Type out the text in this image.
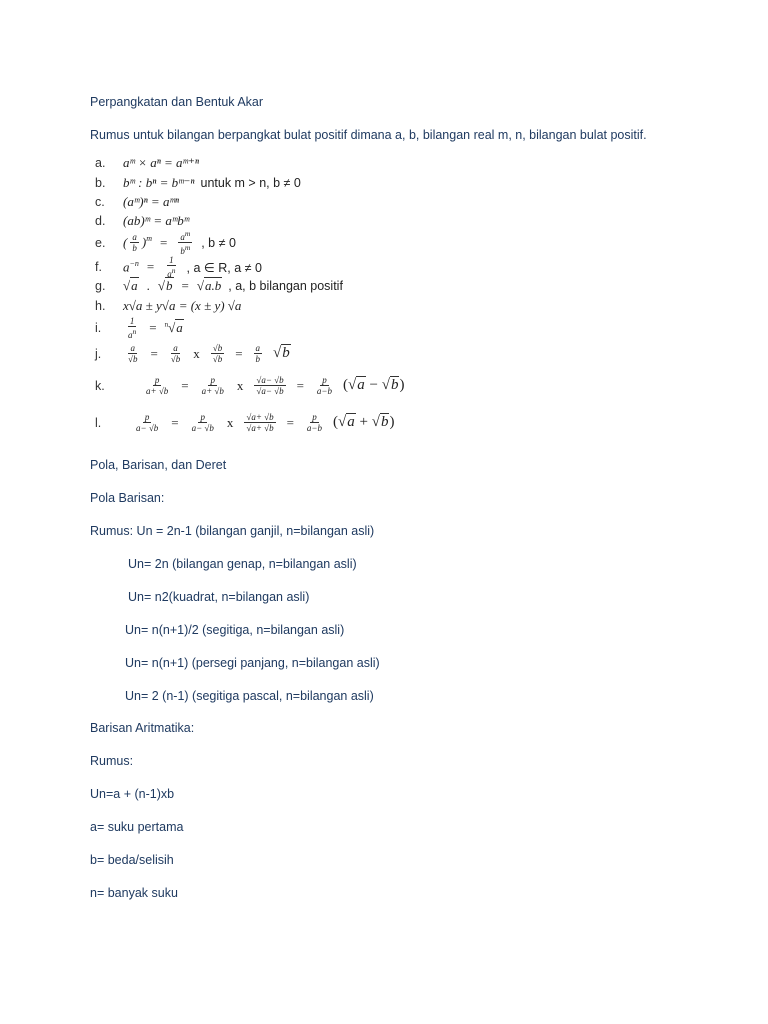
Perpangkatan dan Bentuk Akar
Rumus untuk bilangan berpangkat bulat positif dimana a, b, bilangan real m, n, bilangan bulat positif.
a.	aᵐ × aⁿ = aᵐ⁺ⁿ
b.	bᵐ : bⁿ = bᵐ⁻ⁿ untuk m > n, b ≠ 0
c.	(aᵐ)ⁿ = aᵐⁿ
d.	(ab)ᵐ = aᵐbᵐ
e.	( $\frac{a}{b} )^m = \frac{a^m}{b^m}$ , b ≠ 0
f.	$a^{-n} = \frac{1}{a^n}$ , a ∈ R, a ≠ 0
g.	√a . √b = √a.b , a, b bilangan positif
h.	x√a ± y√a = (x ± y) √a
i.	$\frac{1}{a^n} = ^n√a$
j.	$\frac{a}{√b} = \frac{a}{√b}$ x $\frac{√b}{√b} = \frac{a}{b} √b$
k.	$\frac{p}{a+ √b} = \frac{p}{a+ √b}$ x $\frac{√a- √b}{√a- √b} = \frac{p}{a-b} (√a - √b)$
l.	$\frac{p}{a- √b} = \frac{p}{a- √b}$ x $\frac{√a+ √b}{√a+ √b} = \frac{p}{a-b} (√a + √b)$
Pola, Barisan, dan Deret
Pola Barisan:
Rumus: Un = 2n-1 (bilangan ganjil, n=bilangan asli)
Un= 2n (bilangan genap, n=bilangan asli)
Un= n2(kuadrat, n=bilangan asli)
Un= n(n+1)/2 (segitiga, n=bilangan asli)
Un= n(n+1) (persegi panjang, n=bilangan asli)
Un= 2 (n-1) (segitiga pascal, n=bilangan asli)
Barisan Aritmatika:
Rumus:
Un=a + (n-1)xb
a= suku pertama
b= beda/selisih
n= banyak suku
